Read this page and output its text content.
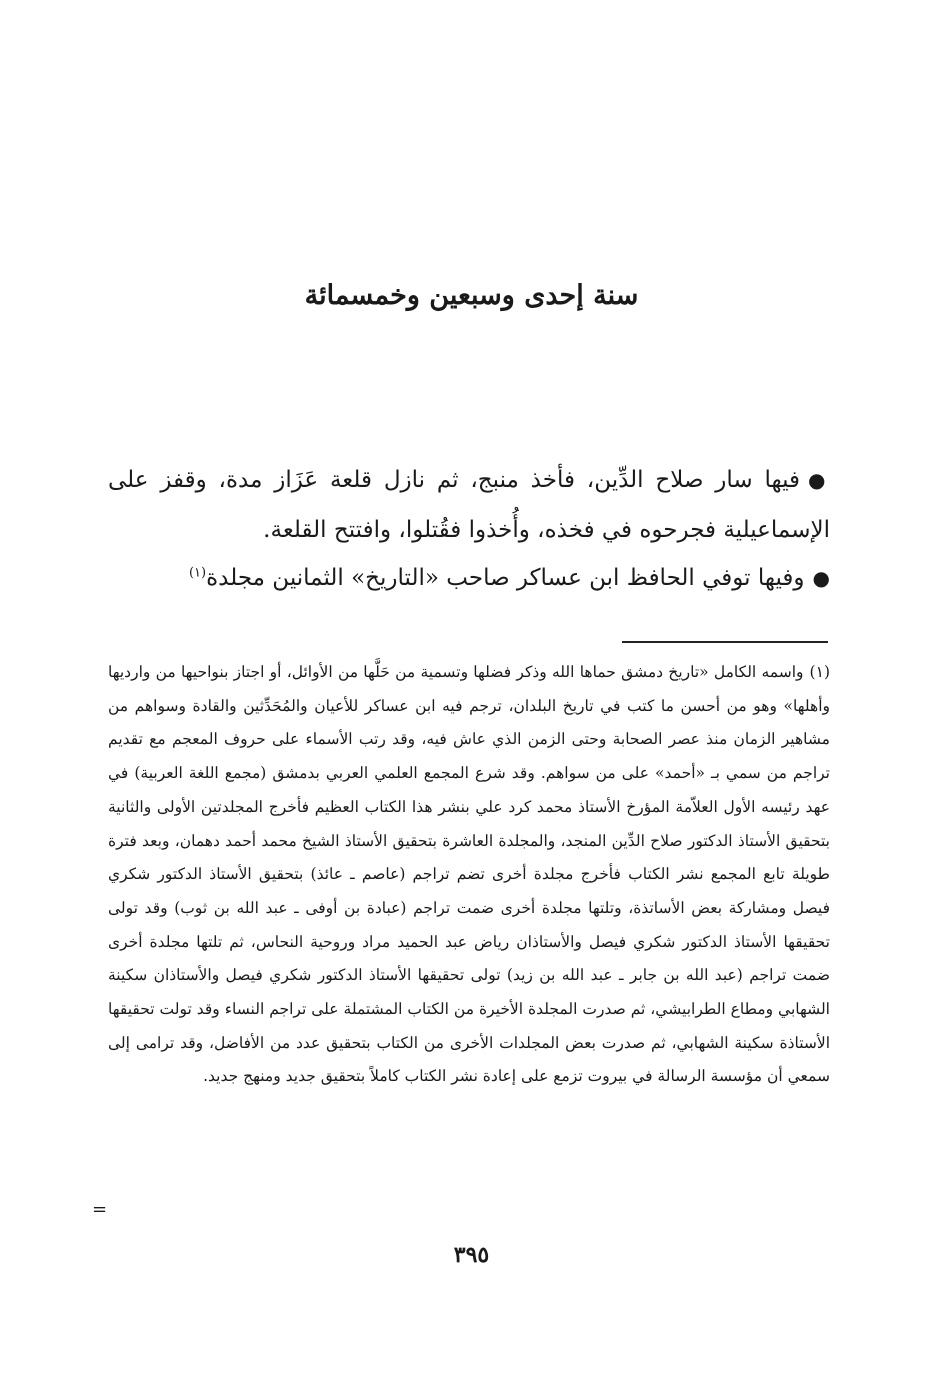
سنة إحدى وسبعين وخمسمائة

●فيها سار صلاح الدِّين، فأخذ منبج، ثم نازل قلعة عَزَاز مدة، وقفز على الإسماعيلية فجرحوه في فخذه، وأُخذوا فقُتلوا، وافتتح القلعة.

●وفيها توفي الحافظ ابن عساكر صاحب «التاريخ» الثمانين مجلدة$^{(١)}$

(١)واسمه الكامل «تاريخ دمشق حماها الله وذكر فضلها وتسمية من حَلَّها من الأوائل، أو اجتاز بنواحيها من وارديها وأهلها» وهو من أحسن ما كتب في تاريخ البلدان، ترجم فيه ابن عساكر للأعيان والمُحَدِّثين والقادة وسواهم من مشاهير الزمان منذ عصر الصحابة وحتى الزمن الذي عاش فيه، وقد رتب الأسماء على حروف المعجم مع تقديم تراجم من سمي بـ «أحمد» على من سواهم. وقد شرع المجمع العلمي العربي بدمشق (مجمع اللغة العربية) في عهد رئيسه الأول العلاّمة المؤرخ الأستاذ محمد كرد علي بنشر هذا الكتاب العظيم فأخرج المجلدتين الأولى والثانية بتحقيق الأستاذ الدكتور صلاح الدِّين المنجد، والمجلدة العاشرة بتحقيق الأستاذ الشيخ محمد أحمد دهمان، وبعد فترة طويلة تابع المجمع نشر الكتاب فأخرج مجلدة أخرى تضم تراجم (عاصم ـ عائذ) بتحقيق الأستاذ الدكتور شكري فيصل ومشاركة بعض الأساتذة، وتلتها مجلدة أخرى ضمت تراجم (عبادة بن أوفى ـ عبد الله بن ثوب) وقد تولى تحقيقها الأستاذ الدكتور شكري فيصل والأستاذان رياض عبد الحميد مراد وروحية النحاس، ثم تلتها مجلدة أخرى ضمت تراجم (عبد الله بن جابر ـ عبد الله بن زيد) تولى تحقيقها الأستاذ الدكتور شكري فيصل والأستاذان سكينة الشهابي ومطاع الطرابيشي، ثم صدرت المجلدة الأخيرة من الكتاب المشتملة على تراجم النساء وقد تولت تحقيقها الأستاذة سكينة الشهابي، ثم صدرت بعض المجلدات الأخرى من الكتاب بتحقيق عدد من الأفاضل، وقد ترامى إلى سمعي أن مؤسسة الرسالة في بيروت تزمع على إعادة نشر الكتاب كاملاً بتحقيق جديد ومنهج جديد.

=
٣٩٥
